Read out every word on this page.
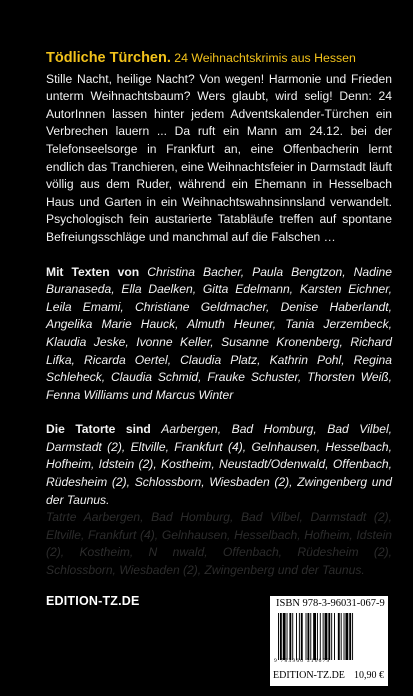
Tödliche Türchen. 24 Weihnachtskrimis aus Hessen

Stille Nacht, heilige Nacht? Von wegen! Harmonie und Frieden unterm Weihnachtsbaum? Wers glaubt, wird selig! Denn: 24 AutorInnen lassen hinter jedem Adventskalender-Türchen ein Verbrechen lauern ... Da ruft ein Mann am 24.12. bei der Telefonseelsorge in Frankfurt an, eine Offenbacherin lernt endlich das Tranchieren, eine Weihnachtsfeier in Darmstadt läuft völlig aus dem Ruder, während ein Ehemann in Hesselbach Haus und Garten in ein Weihnachtswahnsinnsland verwandelt. Psychologisch fein austarierte Tatabläufe treffen auf spontane Befreiungsschläge und manchmal auf die Falschen …

Mit Texten von Christina Bacher, Paula Bengtzon, Nadine Buranaseda, Ella Daelken, Gitta Edelmann, Karsten Eichner, Leila Emami, Christiane Geldmacher, Denise Haberlandt, Angelika Marie Hauck, Almuth Heuner, Tania Jerzembeck, Klaudia Jeske, Ivonne Keller, Susanne Kronenberg, Richard Lifka, Ricarda Oertel, Claudia Platz, Kathrin Pohl, Regina Schleheck, Claudia Schmid, Frauke Schuster, Thorsten Weiß, Fenna Williams und Marcus Winter

Die Tatorte sind Aarbergen, Bad Homburg, Bad Vilbel, Darmstadt (2), Eltville, Frankfurt (4), Gelnhausen, Hesselbach, Hofheim, Idstein (2), Kostheim, Neustadt/Odenwald, Offenbach, Rüdesheim (2), Schlossborn, Wiesbaden (2), Zwingenberg und der Taunus.

Tatrte Aarbergen, Bad Homburg, Bad Vilbel, Darmstadt (2), Eltville, Frankfurt (4), Gelnhausen, Hesselbach, Hofheim, Idstein (2), Kostheim, N nwald, Offenbach, Rüdesheim (2), Schlossborn, Wiesbaden (2), Zwingenberg und der Taunus.

EDITION-TZ.DE	ISBN 978-3-96031-067-9
9 783960 310679
EDITION-TZ.DE 10,90 €
